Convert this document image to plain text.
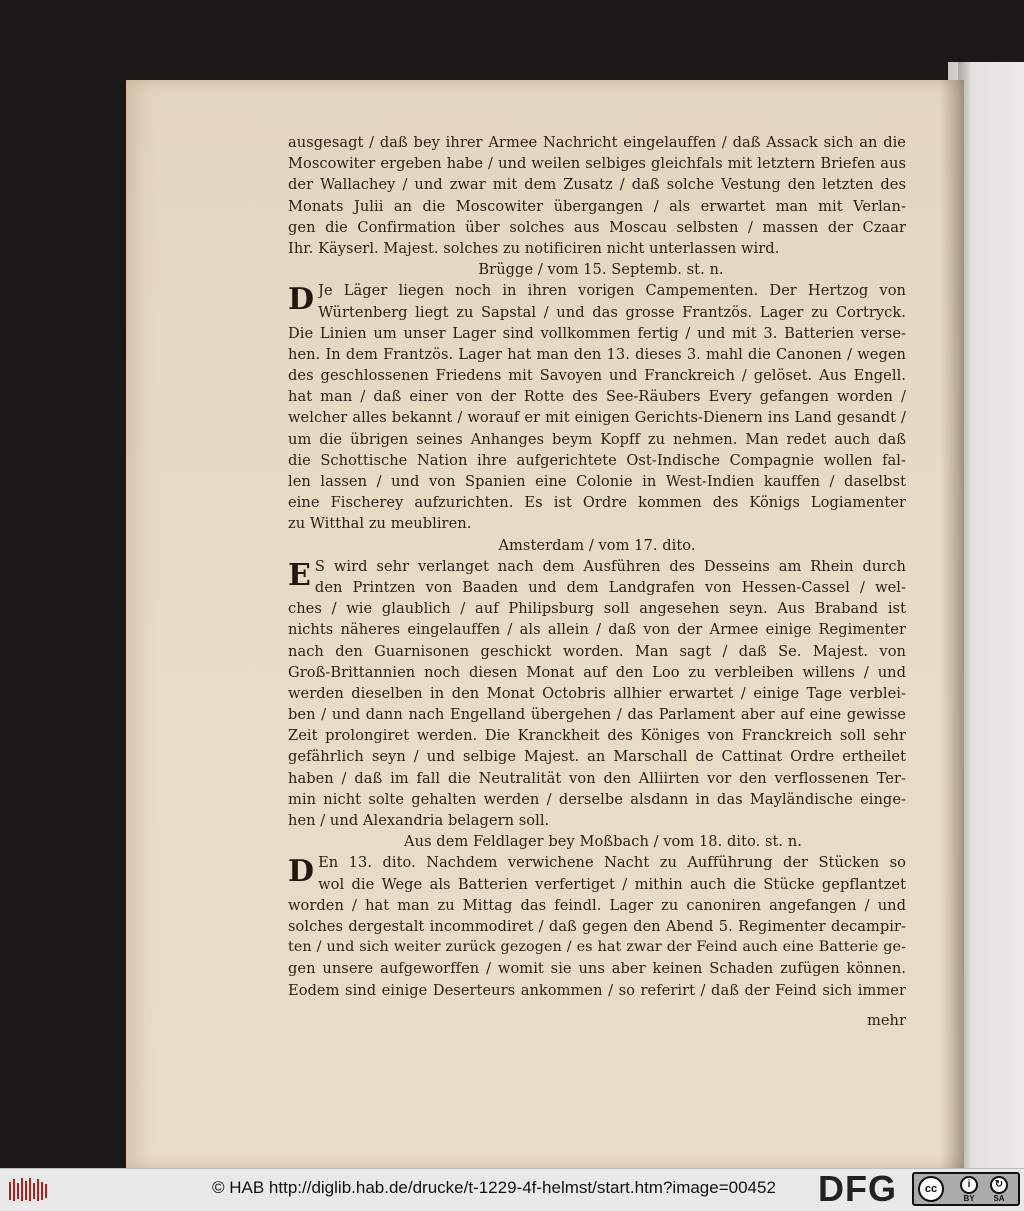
ausgesagt / daß bey ihrer Armee Nachricht eingelauffen / daß Assack sich an die
Moscowiter ergeben habe / und weilen selbiges gleichfals mit letztern Briefen aus
der Wallachey / und zwar mit dem Zusatz / daß solche Vestung den letzten des
Monats Julii an die Moscowiter übergangen / als erwartet man mit Verlan-
gen die Confirmation über solches aus Moscau selbsten / massen der Czaar
Ihr. Käyserl. Majest. solches zu notificiren nicht unterlassen wird.
Brügge / vom 15. Septemb. st. n.
D Je Läger liegen noch in ihren vorigen Campementen. Der Hertzog von
Würtenberg liegt zu Sapstal / und das grosse Frantzös. Lager zu Cortryck.
Die Linien um unser Lager sind vollkommen fertig / und mit 3. Batterien verse-
hen. In dem Frantzös. Lager hat man den 13. dieses 3. mahl die Canonen / wegen
des geschlossenen Friedens mit Savoyen und Franckreich / gelöset. Aus Engell.
hat man / daß einer von der Rotte des See-Räubers Every gefangen worden /
welcher alles bekannt / worauf er mit einigen Gerichts-Dienern ins Land gesandt /
um die übrigen seines Anhanges beym Kopff zu nehmen. Man redet auch daß
die Schottische Nation ihre aufgerichtete Ost-Indische Compagnie wollen fal-
len lassen / und von Spanien eine Colonie in West-Indien kauffen / daselbst
eine Fischerey aufzurichten. Es ist Ordre kommen des Königs Logiamenter
zu Witthal zu meubliren.
Amsterdam / vom 17. dito.
E S wird sehr verlanget nach dem Ausführen des Desseins am Rhein durch
den Printzen von Baaden und dem Landgrafen von Hessen-Cassel / wel-
ches / wie glaublich / auf Philipsburg soll angesehen seyn. Aus Braband ist
nichts näheres eingelauffen / als allein / daß von der Armee einige Regimenter
nach den Guarnisonen geschickt worden. Man sagt / daß Se. Majest. von
Groß-Brittannien noch diesen Monat auf den Loo zu verbleiben willens / und
werden dieselben in den Monat Octobris allhier erwartet / einige Tage verblei-
ben / und dann nach Engelland übergehen / das Parlament aber auf eine gewisse
Zeit prolongiret werden. Die Kranckheit des Königes von Franckreich soll sehr
gefährlich seyn / und selbige Majest. an Marschall de Cattinat Ordre ertheilet
haben / daß im fall die Neutralität von den Alliirten vor den verflossenen Ter-
min nicht solte gehalten werden / derselbe alsdann in das Mayländische einge-
hen / und Alexandria belagern soll.
Aus dem Feldlager bey Moßbach / vom 18. dito. st. n.
D En 13. dito. Nachdem verwichene Nacht zu Aufführung der Stücken so
wol die Wege als Batterien verfertiget / mithin auch die Stücke gepflantzet
worden / hat man zu Mittag das feindl. Lager zu canoniren angefangen / und
solches dergestalt incommodiret / daß gegen den Abend 5. Regimenter decampir-
ten / und sich weiter zurück gezogen / es hat zwar der Feind auch eine Batterie ge-
gen unsere aufgeworffen / womit sie uns aber keinen Schaden zufügen können.
Eodem sind einige Deserteurs ankommen / so referirt / daß der Feind sich immer
mehr
© HAB http://diglib.hab.de/drucke/t-1229-4f-helmst/start.htm?image=00452 DFG	cc	i
BY
↻
SA
